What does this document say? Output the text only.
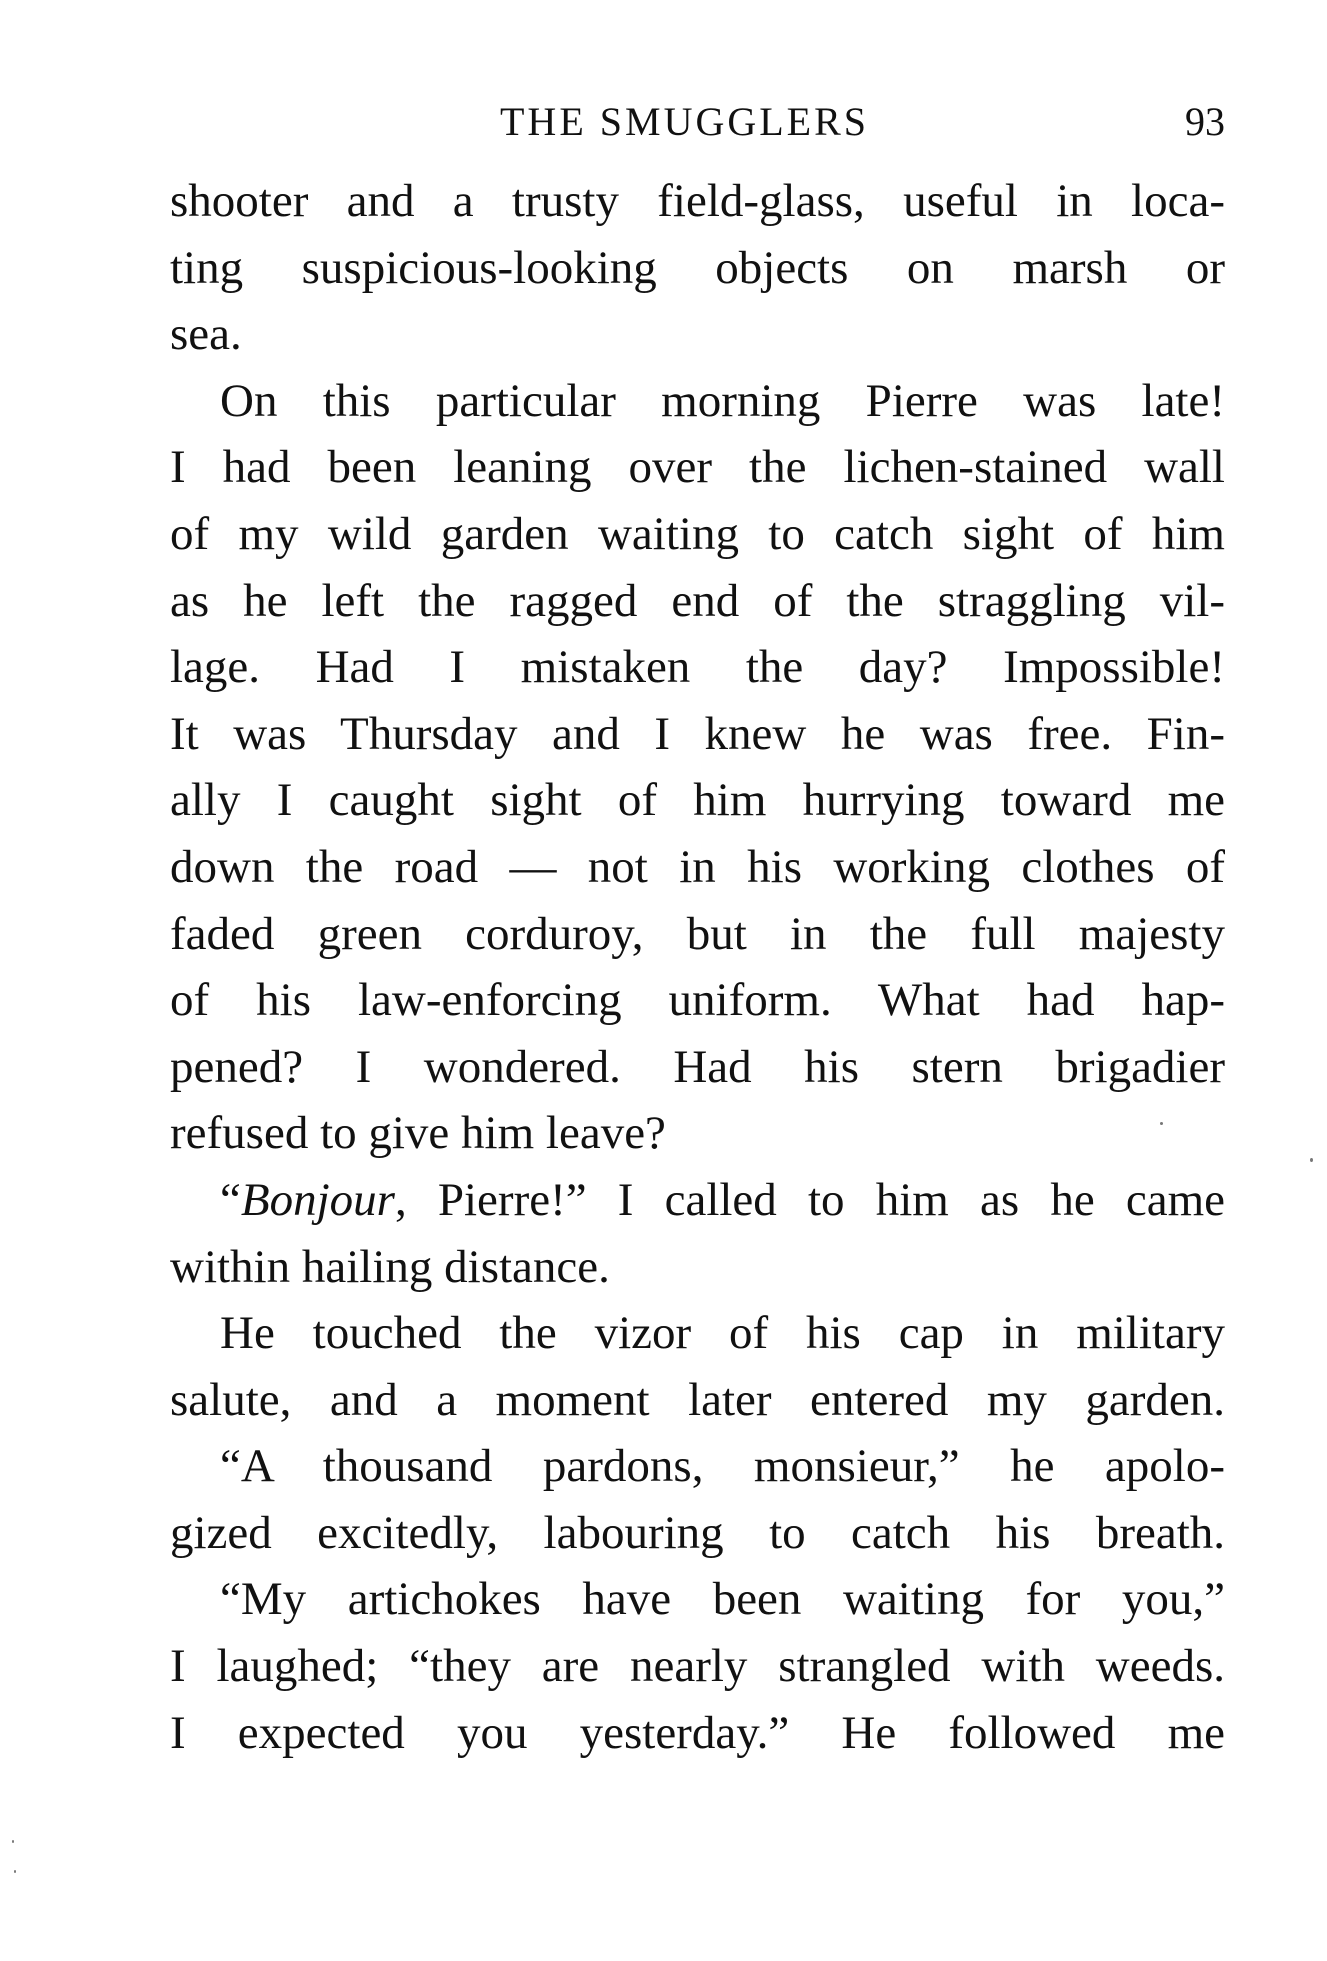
THE SMUGGLERS	93
shooter and a trusty field-glass, useful in loca-
ting suspicious-looking objects on marsh or
sea.
On this particular morning Pierre was late!
I had been leaning over the lichen-stained wall
of my wild garden waiting to catch sight of him
as he left the ragged end of the straggling vil-
lage. Had I mistaken the day? Impossible!
It was Thursday and I knew he was free. Fin-
ally I caught sight of him hurrying toward me
down the road — not in his working clothes of
faded green corduroy, but in the full majesty
of his law-enforcing uniform. What had hap-
pened? I wondered. Had his stern brigadier
refused to give him leave?
“Bonjour, Pierre!” I called to him as he came
within hailing distance.
He touched the vizor of his cap in military
salute, and a moment later entered my garden.
“A thousand pardons, monsieur,” he apolo-
gized excitedly, labouring to catch his breath.
“My artichokes have been waiting for you,”
I laughed; “they are nearly strangled with weeds.
I expected you yesterday.” He followed me
